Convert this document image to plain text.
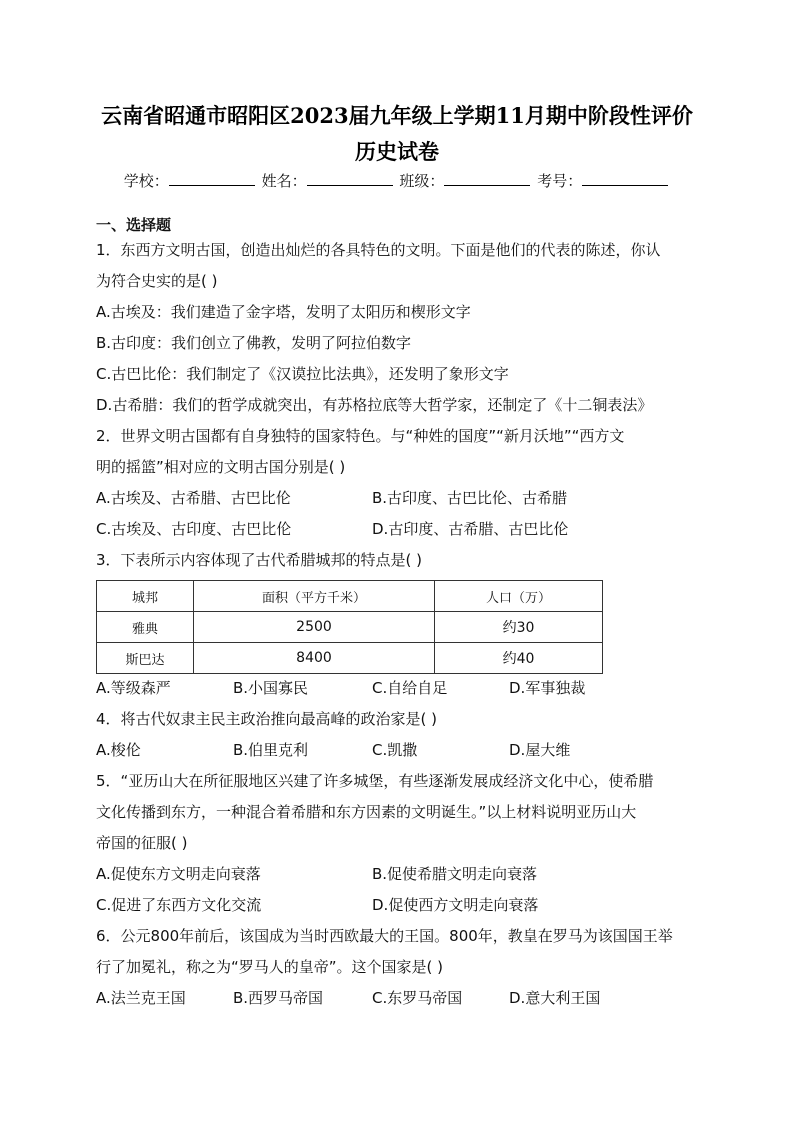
云南省昭通市昭阳区2023届九年级上学期11月期中阶段性评价历史试卷
学校：	姓名：	班级：	考号：
一、选择题
1．东西方文明古国，创造出灿烂的各具特色的文明。下面是他们的代表的陈述，你认
为符合史实的是( )
A.古埃及：我们建造了金字塔，发明了太阳历和楔形文字
B.古印度：我们创立了佛教，发明了阿拉伯数字
C.古巴比伦：我们制定了《汉谟拉比法典》，还发明了象形文字
D.古希腊：我们的哲学成就突出，有苏格拉底等大哲学家，还制定了《十二铜表法》
2．世界文明古国都有自身独特的国家特色。与“种姓的国度”“新月沃地”“西方文
明的摇篮”相对应的文明古国分别是( )
A.古埃及、古希腊、古巴比伦	B.古印度、古巴比伦、古希腊
C.古埃及、古印度、古巴比伦	D.古印度、古希腊、古巴比伦
3．下表所示内容体现了古代希腊城邦的特点是( )
城邦	面积（平方千米）	人口（万）
雅典	2500	约30
斯巴达	8400	约40
A.等级森严	B.小国寡民	C.自给自足	D.军事独裁
4．将古代奴隶主民主政治推向最高峰的政治家是( )
A.梭伦	B.伯里克利	C.凯撒	D.屋大维
5．“亚历山大在所征服地区兴建了许多城堡，有些逐渐发展成经济文化中心，使希腊
文化传播到东方，一种混合着希腊和东方因素的文明诞生。”以上材料说明亚历山大
帝国的征服( )
A.促使东方文明走向衰落	B.促使希腊文明走向衰落
C.促进了东西方文化交流	D.促使西方文明走向衰落
6．公元800年前后，该国成为当时西欧最大的王国。800年，教皇在罗马为该国国王举
行了加冕礼，称之为“罗马人的皇帝”。这个国家是( )
A.法兰克王国	B.西罗马帝国	C.东罗马帝国	D.意大利王国
